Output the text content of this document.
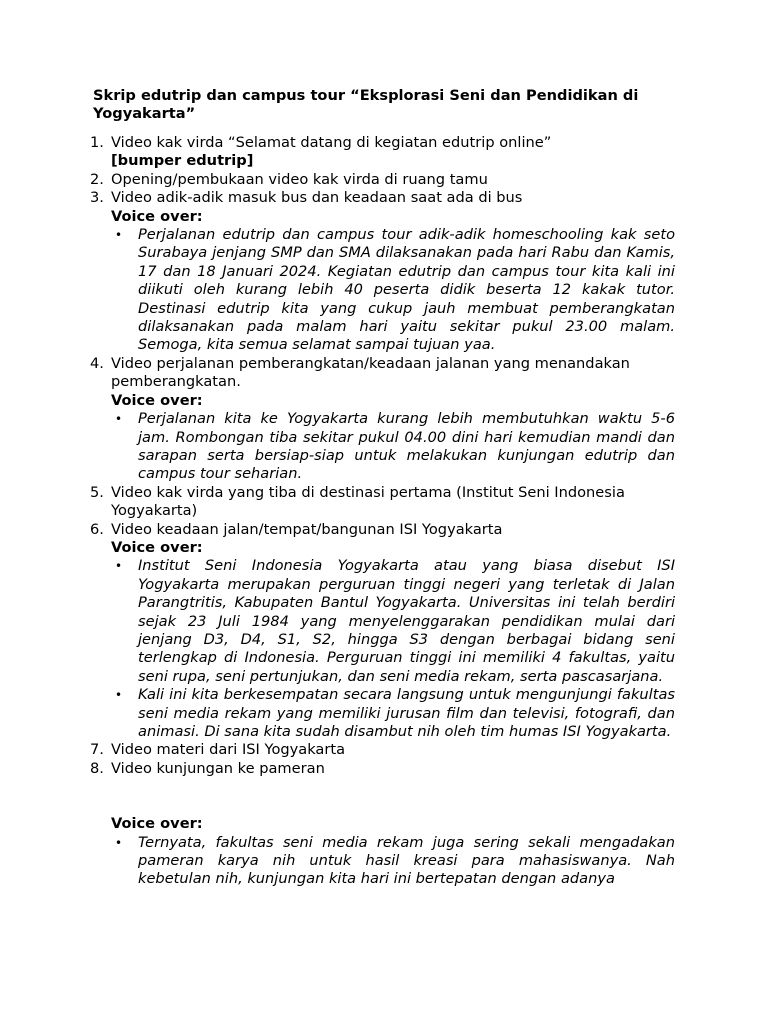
Skrip edutrip dan campus tour “Eksplorasi Seni dan Pendidikan di Yogyakarta”

1. Video kak virda “Selamat datang di kegiatan edutrip online”
[bumper edutrip]
2. Opening/pembukaan video kak virda di ruang tamu
3. Video adik-adik masuk bus dan keadaan saat ada di bus
Voice over:
• Perjalanan edutrip dan campus tour adik-adik homeschooling kak seto Surabaya jenjang SMP dan SMA dilaksanakan pada hari Rabu dan Kamis, 17 dan 18 Januari 2024. Kegiatan edutrip dan campus tour kita kali ini diikuti oleh kurang lebih 40 peserta didik beserta 12 kakak tutor. Destinasi edutrip kita yang cukup jauh membuat pemberangkatan dilaksanakan pada malam hari yaitu sekitar pukul 23.00 malam. Semoga, kita semua selamat sampai tujuan yaa.
4. Video perjalanan pemberangkatan/keadaan jalanan yang menandakan pemberangkatan.
Voice over:
• Perjalanan kita ke Yogyakarta kurang lebih membutuhkan waktu 5-6 jam. Rombongan tiba sekitar pukul 04.00 dini hari kemudian mandi dan sarapan serta bersiap-siap untuk melakukan kunjungan edutrip dan campus tour seharian.
5. Video kak virda yang tiba di destinasi pertama (Institut Seni Indonesia Yogyakarta)
6. Video keadaan jalan/tempat/bangunan ISI Yogyakarta
Voice over:
• Institut Seni Indonesia Yogyakarta atau yang biasa disebut ISI Yogyakarta merupakan perguruan tinggi negeri yang terletak di Jalan Parangtritis, Kabupaten Bantul Yogyakarta. Universitas ini telah berdiri sejak 23 Juli 1984 yang menyelenggarakan pendidikan mulai dari jenjang D3, D4, S1, S2, hingga S3 dengan berbagai bidang seni terlengkap di Indonesia. Perguruan tinggi ini memiliki 4 fakultas, yaitu seni rupa, seni pertunjukan, dan seni media rekam, serta pascasarjana.
• Kali ini kita berkesempatan secara langsung untuk mengunjungi fakultas seni media rekam yang memiliki jurusan film dan televisi, fotografi, dan animasi. Di sana kita sudah disambut nih oleh tim humas ISI Yogyakarta.
7. Video materi dari ISI Yogyakarta
8. Video kunjungan ke pameran
Voice over:
• Ternyata, fakultas seni media rekam juga sering sekali mengadakan pameran karya nih untuk hasil kreasi para mahasiswanya. Nah kebetulan nih, kunjungan kita hari ini bertepatan dengan adanya
